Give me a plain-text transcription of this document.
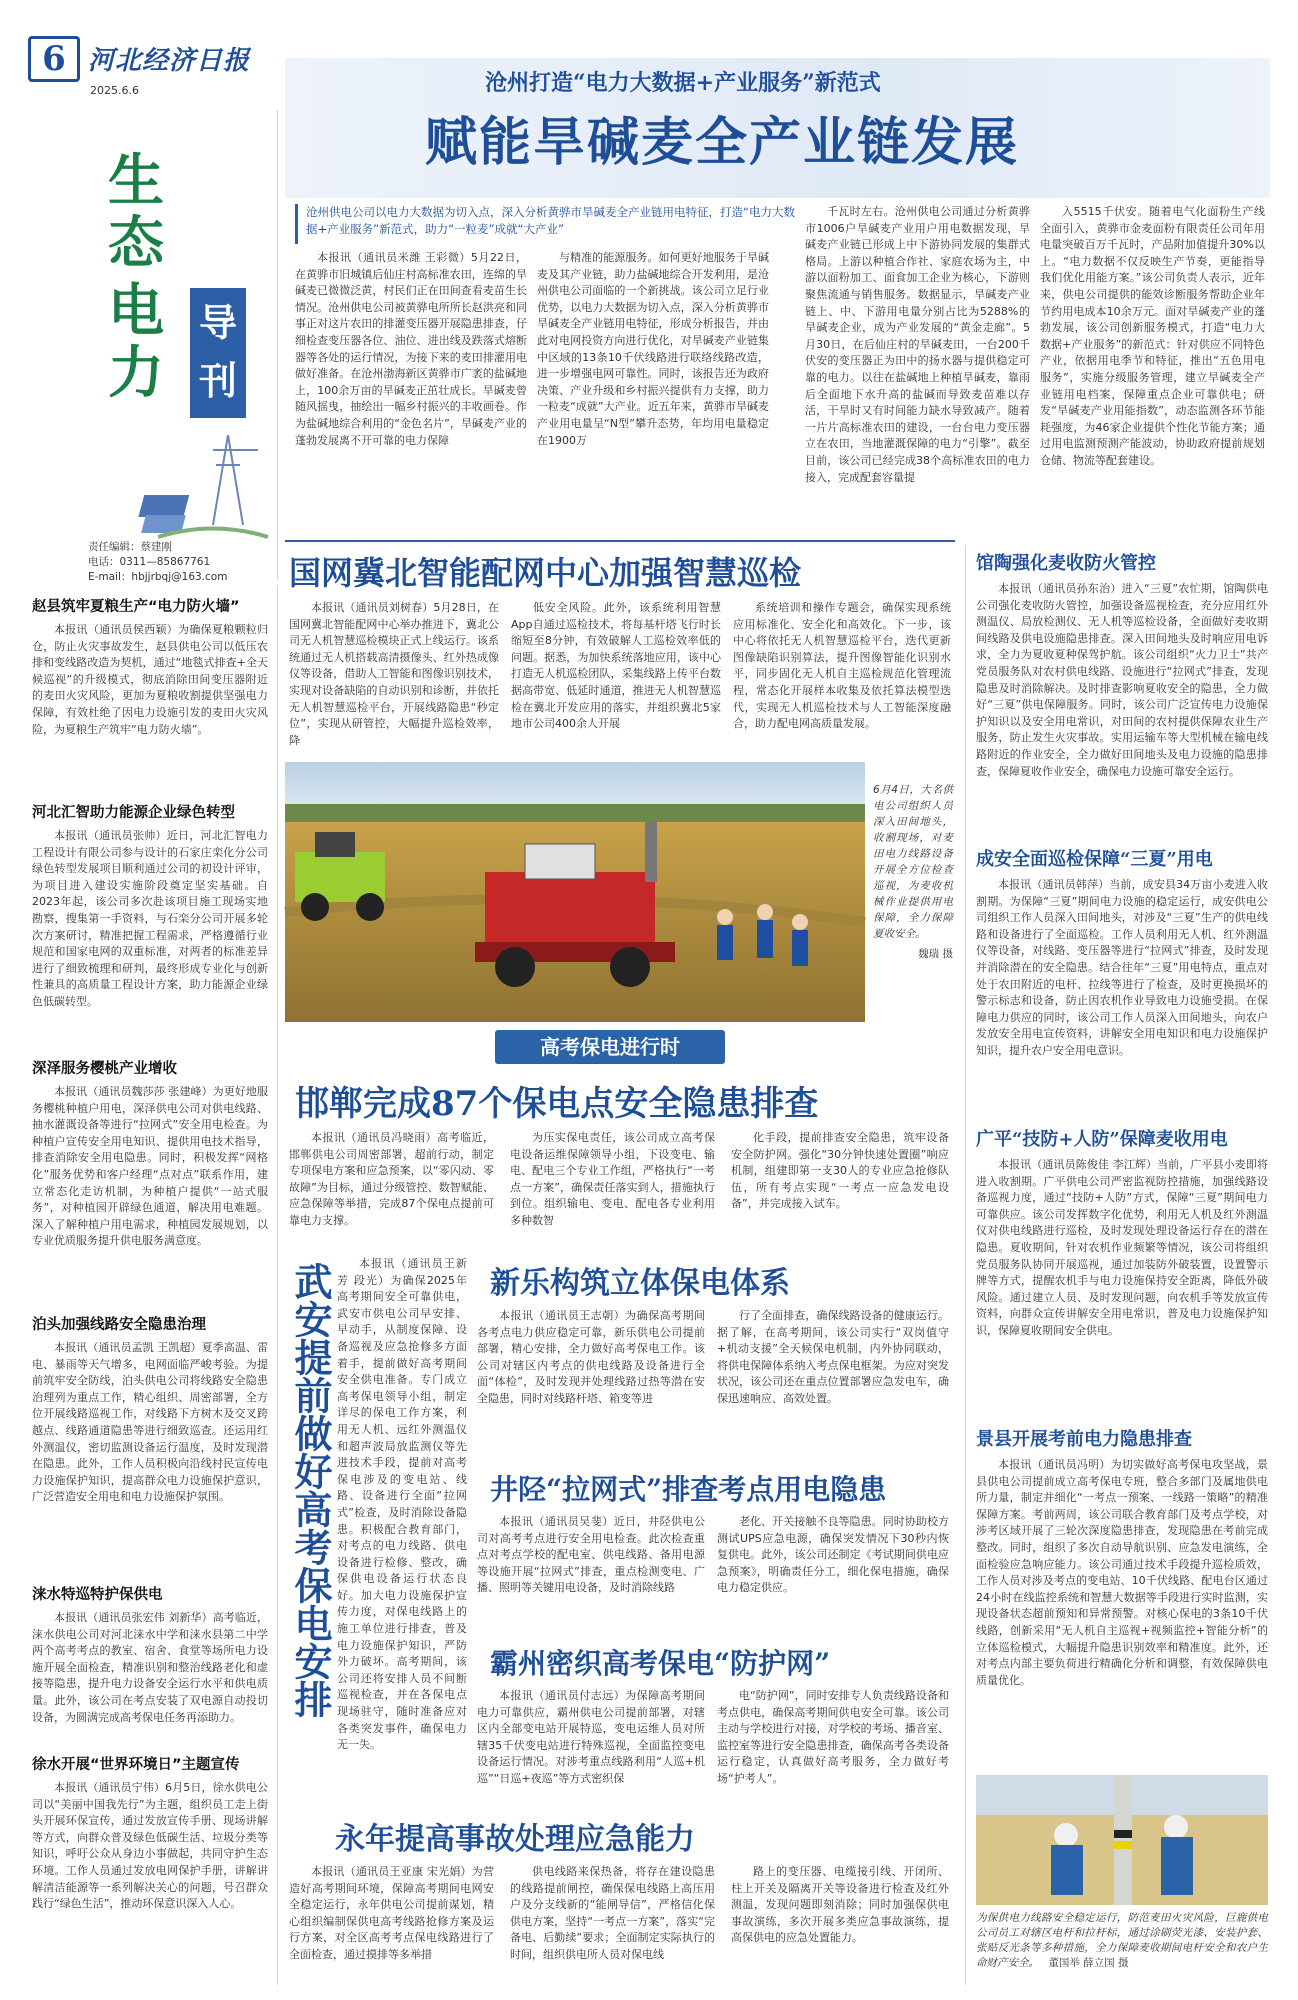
6 河北经济日报
2025.6.6
生
态
电
力
导
刊
责任编辑：蔡建刚
电话：0311—85867761
E-mail：hbjjrbqj@163.com
沧州打造“电力大数据+产业服务”新范式
赋能旱碱麦全产业链发展
沧州供电公司以电力大数据为切入点，深入分析黄骅市旱碱麦全产业链用电特征，打造“电力大数据+产业服务”新范式，助力“一粒麦”成就“大产业”
本报讯（通讯员米潍 王彩微）5月22日，在黄骅市旧城镇后仙庄村高标准农田，连绵的旱碱麦已微微泛黄，村民们正在田间查看麦苗生长情况。沧州供电公司被黄骅电所所长赵洪亮和同事正对这片农田的排灌变压器开展隐患排查，仔细检查变压器各位、油位、进出线及跌落式熔断器等各处的运行情况，为接下来的麦田排灌用电做好准备。在沧州渤海新区黄骅市广袤的盐碱地上，100余万亩的旱碱麦正茁壮成长。旱碱麦曾随风摇曳，抽绘出一幅乡村振兴的丰收画卷。作为盐碱地综合利用的“金色名片”，旱碱麦产业的蓬勃发展离不开可靠的电力保障
与精准的能源服务。如何更好地服务于旱碱麦及其产业链，助力盐碱地综合开发利用，是沧州供电公司面临的一个新挑战。该公司立足行业优势，以电力大数据为切入点，深入分析黄骅市旱碱麦全产业链用电特征，形成分析报告，并由此对电网投资方向进行优化，对旱碱麦产业链集中区域的13条10千伏线路进行联络线路改造，进一步增强电网可靠性。同时，该报告还为政府决策、产业升级和乡村振兴提供有力支撑，助力一粒麦“成就”大产业。近五年来，黄骅市旱碱麦产业用电量呈“N型”攀升态势，年均用电量稳定在1900万
千瓦时左右。沧州供电公司通过分析黄骅市1006户旱碱麦产业用户用电数据发现，旱碱麦产业链已形成上中下游协同发展的集群式格局。上游以种植合作社、家庭农场为主，中游以面粉加工、面食加工企业为核心，下游则聚焦流通与销售服务。数据显示，旱碱麦产业链上、中、下游用电量分别占比为5288%的旱碱麦企业，成为产业发展的“黄金走廊”。5月30日，在后仙庄村的旱碱麦田，一台200千伏安的变压器正为田中的扬水器与提供稳定可靠的电力。以往在盐碱地上种植旱碱麦，靠雨后全面地下水升高的盐碱而导致麦苗难以存活，干旱时又有时间能力缺水导致减产。随着一片片高标准农田的建设，一台台电力变压器立在农田，当地灌溉保障的电力“引擎”。截至目前，该公司已经完成38个高标准农田的电力接入，完成配套容量提
入5515千伏安。随着电气化面粉生产线全面引入，黄骅市金麦面粉有限责任公司年用电量突破百万千瓦时，产品附加值提升30%以上。“电力数据不仅反映生产节奏，更能指导我们优化用能方案。”该公司负责人表示，近年来，供电公司提供的能效诊断服务帮助企业年节约用电成本10余万元。面对旱碱麦产业的蓬勃发展，该公司创新服务模式，打造“电力大数据+产业服务”的新范式：针对供应不同特色产业，依据用电季节和特征，推出“五色用电服务”，实施分级服务管理，建立旱碱麦全产业链用电档案，保障重点企业可靠供电；研发“旱碱麦产业用能指数”，动态监测各环节能耗强度，为46家企业提供个性化节能方案；通过用电监测预测产能波动，协助政府提前规划仓储、物流等配套建设。
赵县筑牢夏粮生产“电力防火墙”
本报讯（通讯员侯西颖）为确保夏粮颗粒归仓，防止火灾事故发生，赵县供电公司以低压农排和变线路改造为契机，通过“地毯式排查+全天候巡视”的升级模式，彻底消除田间变压器附近的麦田火灾风险，更加为夏粮收割提供坚强电力保障，有效杜绝了因电力设施引发的麦田火灾风险，为夏粮生产筑牢“电力防火墙”。
河北汇智助力能源企业绿色转型
本报讯（通讯员张帅）近日，河北汇智电力工程设计有限公司参与设计的石家庄栾化分公司绿色转型发展项目顺利通过公司的初设计评审，为项目进入建设实施阶段奠定坚实基础。自2023年起，该公司多次赴该项目施工现场实地勘察，搜集第一手资料，与石栾分公司开展多轮次方案研讨，精准把握工程需求，严格遵循行业规范和国家电网的双重标准，对两者的标准差异进行了细致梳理和研判，最终形成专业化与创新性兼具的高质量工程设计方案，助力能源企业绿色低碳转型。
深泽服务樱桃产业增收
本报讯（通讯员魏莎莎 张建峰）为更好地服务樱桃种植户用电，深泽供电公司对供电线路、抽水灌溉设备等进行“拉网式”安全用电检查。为种植户宣传安全用电知识、提供用电技术指导，排查消除安全用电隐患。同时，积极发挥“网格化”服务优势和客户经理“点对点”联系作用，建立常态化走访机制，为种植户提供“一站式服务”，对种植园开辟绿色通道，解决用电难题。深入了解种植户用电需求，种植园发展规划，以专业优质服务提升供电服务满意度。
泊头加强线路安全隐患治理
本报讯（通讯员孟凯 王凯超）夏季高温、雷电、暴雨等天气增多，电网面临严峻考验。为提前筑牢安全防线，泊头供电公司将线路安全隐患治理列为重点工作，精心组织、周密部署，全方位开展线路巡视工作，对线路下方树木及交叉跨越点、线路通道隐患等进行细致巡查。还运用红外测温仪，密切监测设备运行温度，及时发现潜在隐患。此外，工作人员积极向沿线村民宣传电力设施保护知识，提高群众电力设施保护意识，广泛营造安全用电和电力设施保护氛围。
涞水特巡特护保供电
本报讯（通讯员张宏伟 刘新华）高考临近，涞水供电公司对河北涞水中学和涞水县第二中学两个高考考点的教室、宿舍、食堂等场所电力设施开展全面检查，精准识别和整治线路老化和虚接等隐患，提升电力设备安全运行水平和供电质量。此外，该公司在考点安装了双电源自动投切设备，为圆满完成高考保电任务再添助力。
徐水开展“世界环境日”主题宣传
本报讯（通讯员宁伟）6月5日，徐水供电公司以“美丽中国我先行”为主题，组织员工走上街头开展环保宣传，通过发放宣传手册、现场讲解等方式，向群众普及绿色低碳生活、垃圾分类等知识，呼吁公众从身边小事做起，共同守护生态环境。工作人员通过发放电网保护手册，讲解讲解清洁能源等一系列解决关心的问题，号召群众践行“绿色生活”，推动环保意识深入人心。
国网冀北智能配网中心加强智慧巡检
本报讯（通讯员刘树春）5月28日，在国网冀北智能配网中心举办推进下，冀北公司无人机智慧巡检模块正式上线运行。该系统通过无人机搭载高清摄像头、红外热成像仪等设备，借助人工智能和图像识别技术，实现对设备缺陷的自动识别和诊断，并依托无人机智慧巡检平台，开展线路隐患“秒定位”，实现从研管控，大幅提升巡检效率，降
低安全风险。此外，该系统利用智慧App自通过巡检技术，将每基杆塔飞行时长缩短至8分钟，有效破解人工巡检效率低的问题。据悉，为加快系统落地应用，该中心打造无人机巡检团队，采集线路上传平台数据高带宽、低延时通道，推进无人机智慧巡检在冀北开发应用的落实，并组织冀北5家地市公司400余人开展
系统培训和操作专题会，确保实现系统应用标准化、安全化和高效化。下一步，该中心将依托无人机智慧巡检平台，迭代更新图像缺陷识别算法，提升图像智能化识别水平，同步固化无人机自主巡检规范化管理流程，常态化开展样本收集及依托算法模型迭代，实现无人机巡检技术与人工智能深度融合，助力配电网高质量发展。
6月4日，大名供电公司组织人员深入田间地头，收割现场，对麦田电力线路设备开展全方位检查巡视，为麦收机械作业提供用电保障，全力保障夏收安全。
魏瑞 摄
高考保电进行时
邯郸完成87个保电点安全隐患排查
本报讯（通讯员冯晓雨）高考临近，邯郸供电公司周密部署，超前行动，制定专项保电方案和应急预案，以“零闪动、零故障”为目标，通过分级管控、数智赋能、应急保障等举措，完成87个保电点提前可靠电力支撑。
为压实保电责任，该公司成立高考保电设备运维保障领导小组，下设变电、输电、配电三个专业工作组，严格执行“一考点一方案”，确保责任落实到人，措施执行到位。组织输电、变电、配电各专业利用多种数智
化手段，提前排查安全隐患，筑牢设备安全防护网。强化“30分钟快速处置圈”响应机制，组建即第一支30人的专业应急抢修队伍，所有考点实现“一考点一应急发电设备”，并完成接入试车。
武安提前做好高考保电安排	本报讯（通讯员王新芳 段光）为确保2025年高考期间安全可靠供电，武安市供电公司早安排、早动手，从制度保障、设备巡视及应急抢修多方面着手，提前做好高考期间安全供电准备。专门成立高考保电领导小组，制定详尽的保电工作方案，利用无人机、远红外测温仪和超声波局放监测仪等先进技术手段，提前对高考保电涉及的变电站、线路、设备进行全面“拉网式”检查，及时消除设备隐患。积极配合教育部门，对考点的电力线路、供电设备进行检修、整改，确保供电设备运行状态良好。加大电力设施保护宣传力度，对保电线路上的施工单位进行排查，普及电力设施保护知识，严防外力破坏。高考期间，该公司还将安排人员不间断巡视检查，并在各保电点现场驻守，随时准备应对各类突发事件，确保电力无一失。
新乐构筑立体保电体系
本报讯（通讯员王志朝）为确保高考期间各考点电力供应稳定可靠，新乐供电公司提前部署，精心安排，全力做好高考保电工作。该公司对辖区内考点的供电线路及设备进行全面“体检”，及时发现并处理线路过热等潜在安全隐患，同时对线路杆塔、箱变等进
行了全面排查，确保线路设备的健康运行。据了解，在高考期间，该公司实行“双岗值守+机动支援”全天候保电机制，内外协同联动，将供电保障体系纳入考点保电框架。为应对突发状况，该公司还在重点位置部署应急发电车，确保迅速响应、高效处置。
井陉“拉网式”排查考点用电隐患
本报讯（通讯员吴斐）近日，井陉供电公司对高考考点进行安全用电检查。此次检查重点对考点学校的配电室、供电线路、备用电源等设施开展“拉网式”排查，重点检测变电、广播、照明等关键用电设备，及时消除线路
老化、开关接触不良等隐患。同时协助校方测试UPS应急电源，确保突发情况下30秒内恢复供电。此外，该公司还制定《考试期间供电应急预案》，明确责任分工，细化保电措施，确保电力稳定供应。
霸州密织高考保电“防护网”
本报讯（通讯员付志远）为保障高考期间电力可靠供应，霸州供电公司提前部署，对辖区内全部变电站开展特巡，变电运维人员对所辖35千伏变电站进行特殊巡视，全面监控变电设备运行情况。对涉考重点线路利用“人巡+机巡”“日巡+夜巡”等方式密织保
电“防护网”，同时安排专人负责线路设备和考点供电，确保高考期间供电安全可靠。该公司主动与学校进行对接，对学校的考场、播音室、监控室等进行安全隐患排查，确保高考各类设备运行稳定，认真做好高考服务，全力做好考场“护考人”。
永年提高事故处理应急能力
本报讯（通讯员王亚康 宋光娟）为营造好高考期间环境，保障高考期间电网安全稳定运行，永年供电公司提前谋划，精心组织编制保供电高考线路抢修方案及运行方案，对全区高考考点保电线路进行了全面检查，通过摸排等多举措
供电线路来保热备，将存在建设隐患的线路提前闸控，确保保电线路上高压用户及分支线新的“能闸导信”，严格信化保供电方案，坚持“一考点一方案”，落实“完备电、后勤续”要求；全面制定实际执行的时间，组织供电所人员对保电线
路上的变压器、电缆接引线、开闭所、柱上开关及隔离开关等设备进行检查及红外测温，发现问题即刻消除；同时加强保供电事故演练，多次开展多类应急事故演练，提高保供电的应急处置能力。
馆陶强化麦收防火管控
本报讯（通讯员孙东治）进入“三夏”农忙期，馆陶供电公司强化麦收防火管控，加强设备巡视检查，充分应用红外测温仪、局放检测仪、无人机等巡检设备，全面做好麦收期间线路及供电设施隐患排查。深入田间地头及时响应用电诉求，全力为夏收夏种保驾护航。该公司组织“火力卫士”共产党员服务队对农村供电线路、设施进行“拉网式”排查，发现隐患及时消除解决。及时排查影响夏收安全的隐患，全力做好“三夏”供电保障服务。同时，该公司广泛宣传电力设施保护知识以及安全用电常识，对田间的农村提供保障农业生产服务，防止发生火灾事故。实用运输车等大型机械在输电线路附近的作业安全，全力做好田间地头及电力设施的隐患排查，保障夏收作业安全，确保电力设施可靠安全运行。
成安全面巡检保障“三夏”用电
本报讯（通讯员韩萍）当前，成安县34万亩小麦进入收割期。为保障“三夏”期间电力设施的稳定运行，成安供电公司组织工作人员深入田间地头，对涉及“三夏”生产的供电线路和设备进行了全面巡检。工作人员利用无人机、红外测温仪等设备，对线路、变压器等进行“拉网式”排查，及时发现并消除潜在的安全隐患。结合往年“三夏”用电特点，重点对处于农田附近的电杆、拉线等进行了检查，及时更换损坏的警示标志和设备，防止因农机作业导致电力设施受损。在保障电力供应的同时，该公司工作人员深入田间地头，向农户发放安全用电宣传资料，讲解安全用电知识和电力设施保护知识，提升农户安全用电意识。
广平“技防+人防”保障麦收用电
本报讯（通讯员陈俊佳 李江辉）当前，广平县小麦即将进入收割期。广平供电公司严密监视防控措施，加强线路设备巡视力度，通过“技防+人防”方式，保障“三夏”期间电力可靠供应。该公司发挥数字化优势，利用无人机及红外测温仪对供电线路进行巡检，及时发现处理设备运行存在的潜在隐患。夏收期间，针对农机作业频繁等情况，该公司将组织党员服务队协同开展巡视，通过加装防外破装置，设置警示牌等方式，提醒农机手与电力设施保持安全距离，降低外破风险。通过建立人员、及时发现问题，向农机手等发放宣传资料，向群众宣传讲解安全用电常识，普及电力设施保护知识，保障夏收期间安全供电。
景县开展考前电力隐患排查
本报讯（通讯员冯明）为切实做好高考保电攻坚战，景县供电公司提前成立高考保电专班，整合多部门及属地供电所力量，制定并细化“一考点一预案、一线路一策略”的精准保障方案。考前两周，该公司联合教育部门及考点学校，对涉考区域开展了三轮次深度隐患排查，发现隐患在考前完成整改。同时，组织了多次自动导航识别、应急发电演练，全面检验应急响应能力。该公司通过技术手段提升巡检质效，工作人员对涉及考点的变电站、10千伏线路、配电台区通过24小时在线监控系统和智慧大数据等手段进行实时监测，实现设备状态超前预知和异常预警。对核心保电的3条10千伏线路，创新采用“无人机自主巡视+视频监控+智能分析”的立体巡检模式，大幅提升隐患识别效率和精准度。此外，还对考点内部主要负荷进行精确化分析和调整，有效保障供电质量优化。
为保供电力线路安全稳定运行，防范麦田火灾风险，巨鹿供电公司员工对辖区电杆和拉杆标，通过涂刷荧光漆、安装护套、张贴反光条等多种措施，全力保障麦收期间电杆安全和农户生命财产安全。 董国举 薛立国 摄
